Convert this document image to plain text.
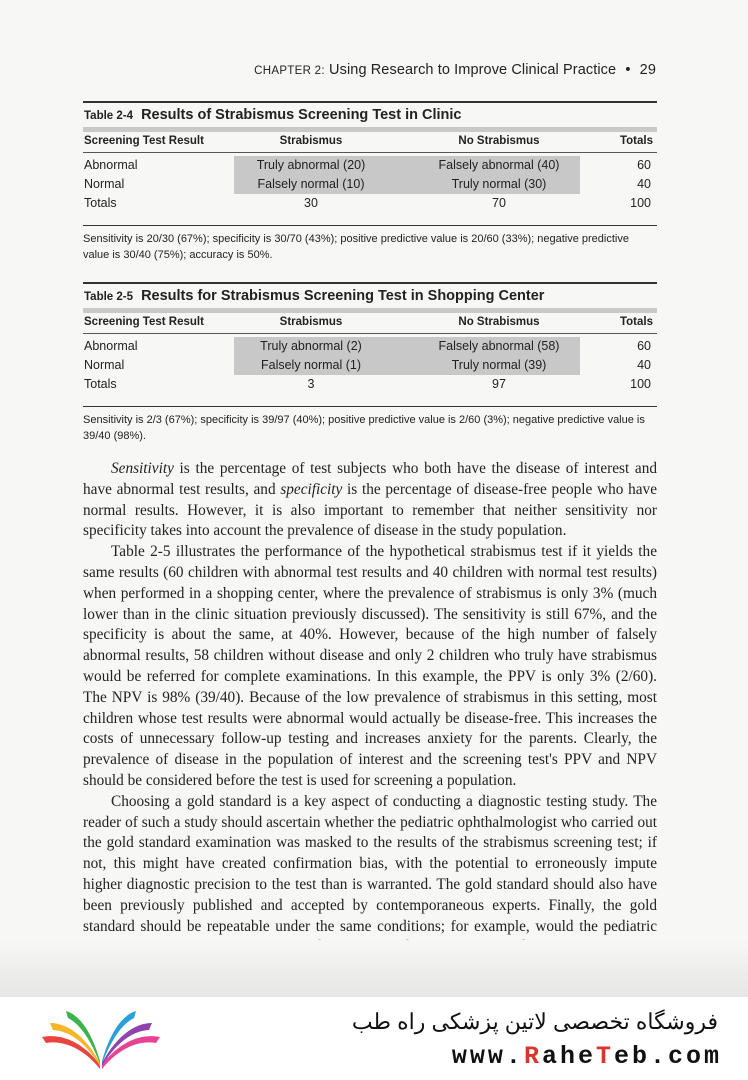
CHAPTER 2: Using Research to Improve Clinical Practice • 29
Table 2-4 Results of Strabismus Screening Test in Clinic
Screening Test Result	Strabismus	No Strabismus	Totals
Abnormal	Truly abnormal (20)	Falsely abnormal (40)	60
Normal	Falsely normal (10)	Truly normal (30)	40
Totals	30	70	100
Sensitivity is 20/30 (67%); specificity is 30/70 (43%); positive predictive value is 20/60 (33%); negative predictive value is 30/40 (75%); accuracy is 50%.
Table 2-5 Results for Strabismus Screening Test in Shopping Center
Screening Test Result	Strabismus	No Strabismus	Totals
Abnormal	Truly abnormal (2)	Falsely abnormal (58)	60
Normal	Falsely normal (1)	Truly normal (39)	40
Totals	3	97	100
Sensitivity is 2/3 (67%); specificity is 39/97 (40%); positive predictive value is 2/60 (3%); negative predictive value is 39/40 (98%).

Sensitivity is the percentage of test subjects who both have the disease of interest and have abnormal test results, and specificity is the percentage of disease-free people who have normal results. However, it is also important to remember that neither sensitivity nor specificity takes into account the prevalence of disease in the study population.

Table 2-5 illustrates the performance of the hypothetical strabismus test if it yields the same results (60 children with abnormal test results and 40 children with normal test results) when performed in a shopping center, where the prevalence of strabismus is only 3% (much lower than in the clinic situation previously discussed). The sensitivity is still 67%, and the specificity is about the same, at 40%. However, because of the high number of falsely abnormal results, 58 children without disease and only 2 children who truly have strabismus would be referred for complete examinations. In this example, the PPV is only 3% (2/60). The NPV is 98% (39/40). Because of the low prevalence of strabismus in this setting, most children whose test results were abnormal would actually be disease-free. This increases the costs of unnecessary follow-up testing and increases anxiety for the parents. Clearly, the prevalence of disease in the population of interest and the screening test's PPV and NPV should be considered before the test is used for screening a population.

Choosing a gold standard is a key aspect of conducting a diagnostic testing study. The reader of such a study should ascertain whether the pediatric ophthalmologist who carried out the gold standard examination was masked to the results of the strabismus screening test; if not, this might have created confirmation bias, with the potential to erroneously impute higher diagnostic precision to the test than is warranted. The gold standard should also have been previously published and accepted by contemporaneous experts. Finally, the gold standard should be repeatable under the same conditions; for example, would the pediatric

فروشگاه تخصصی لاتین پزشکی راه طب
www.RaheTeb.com
